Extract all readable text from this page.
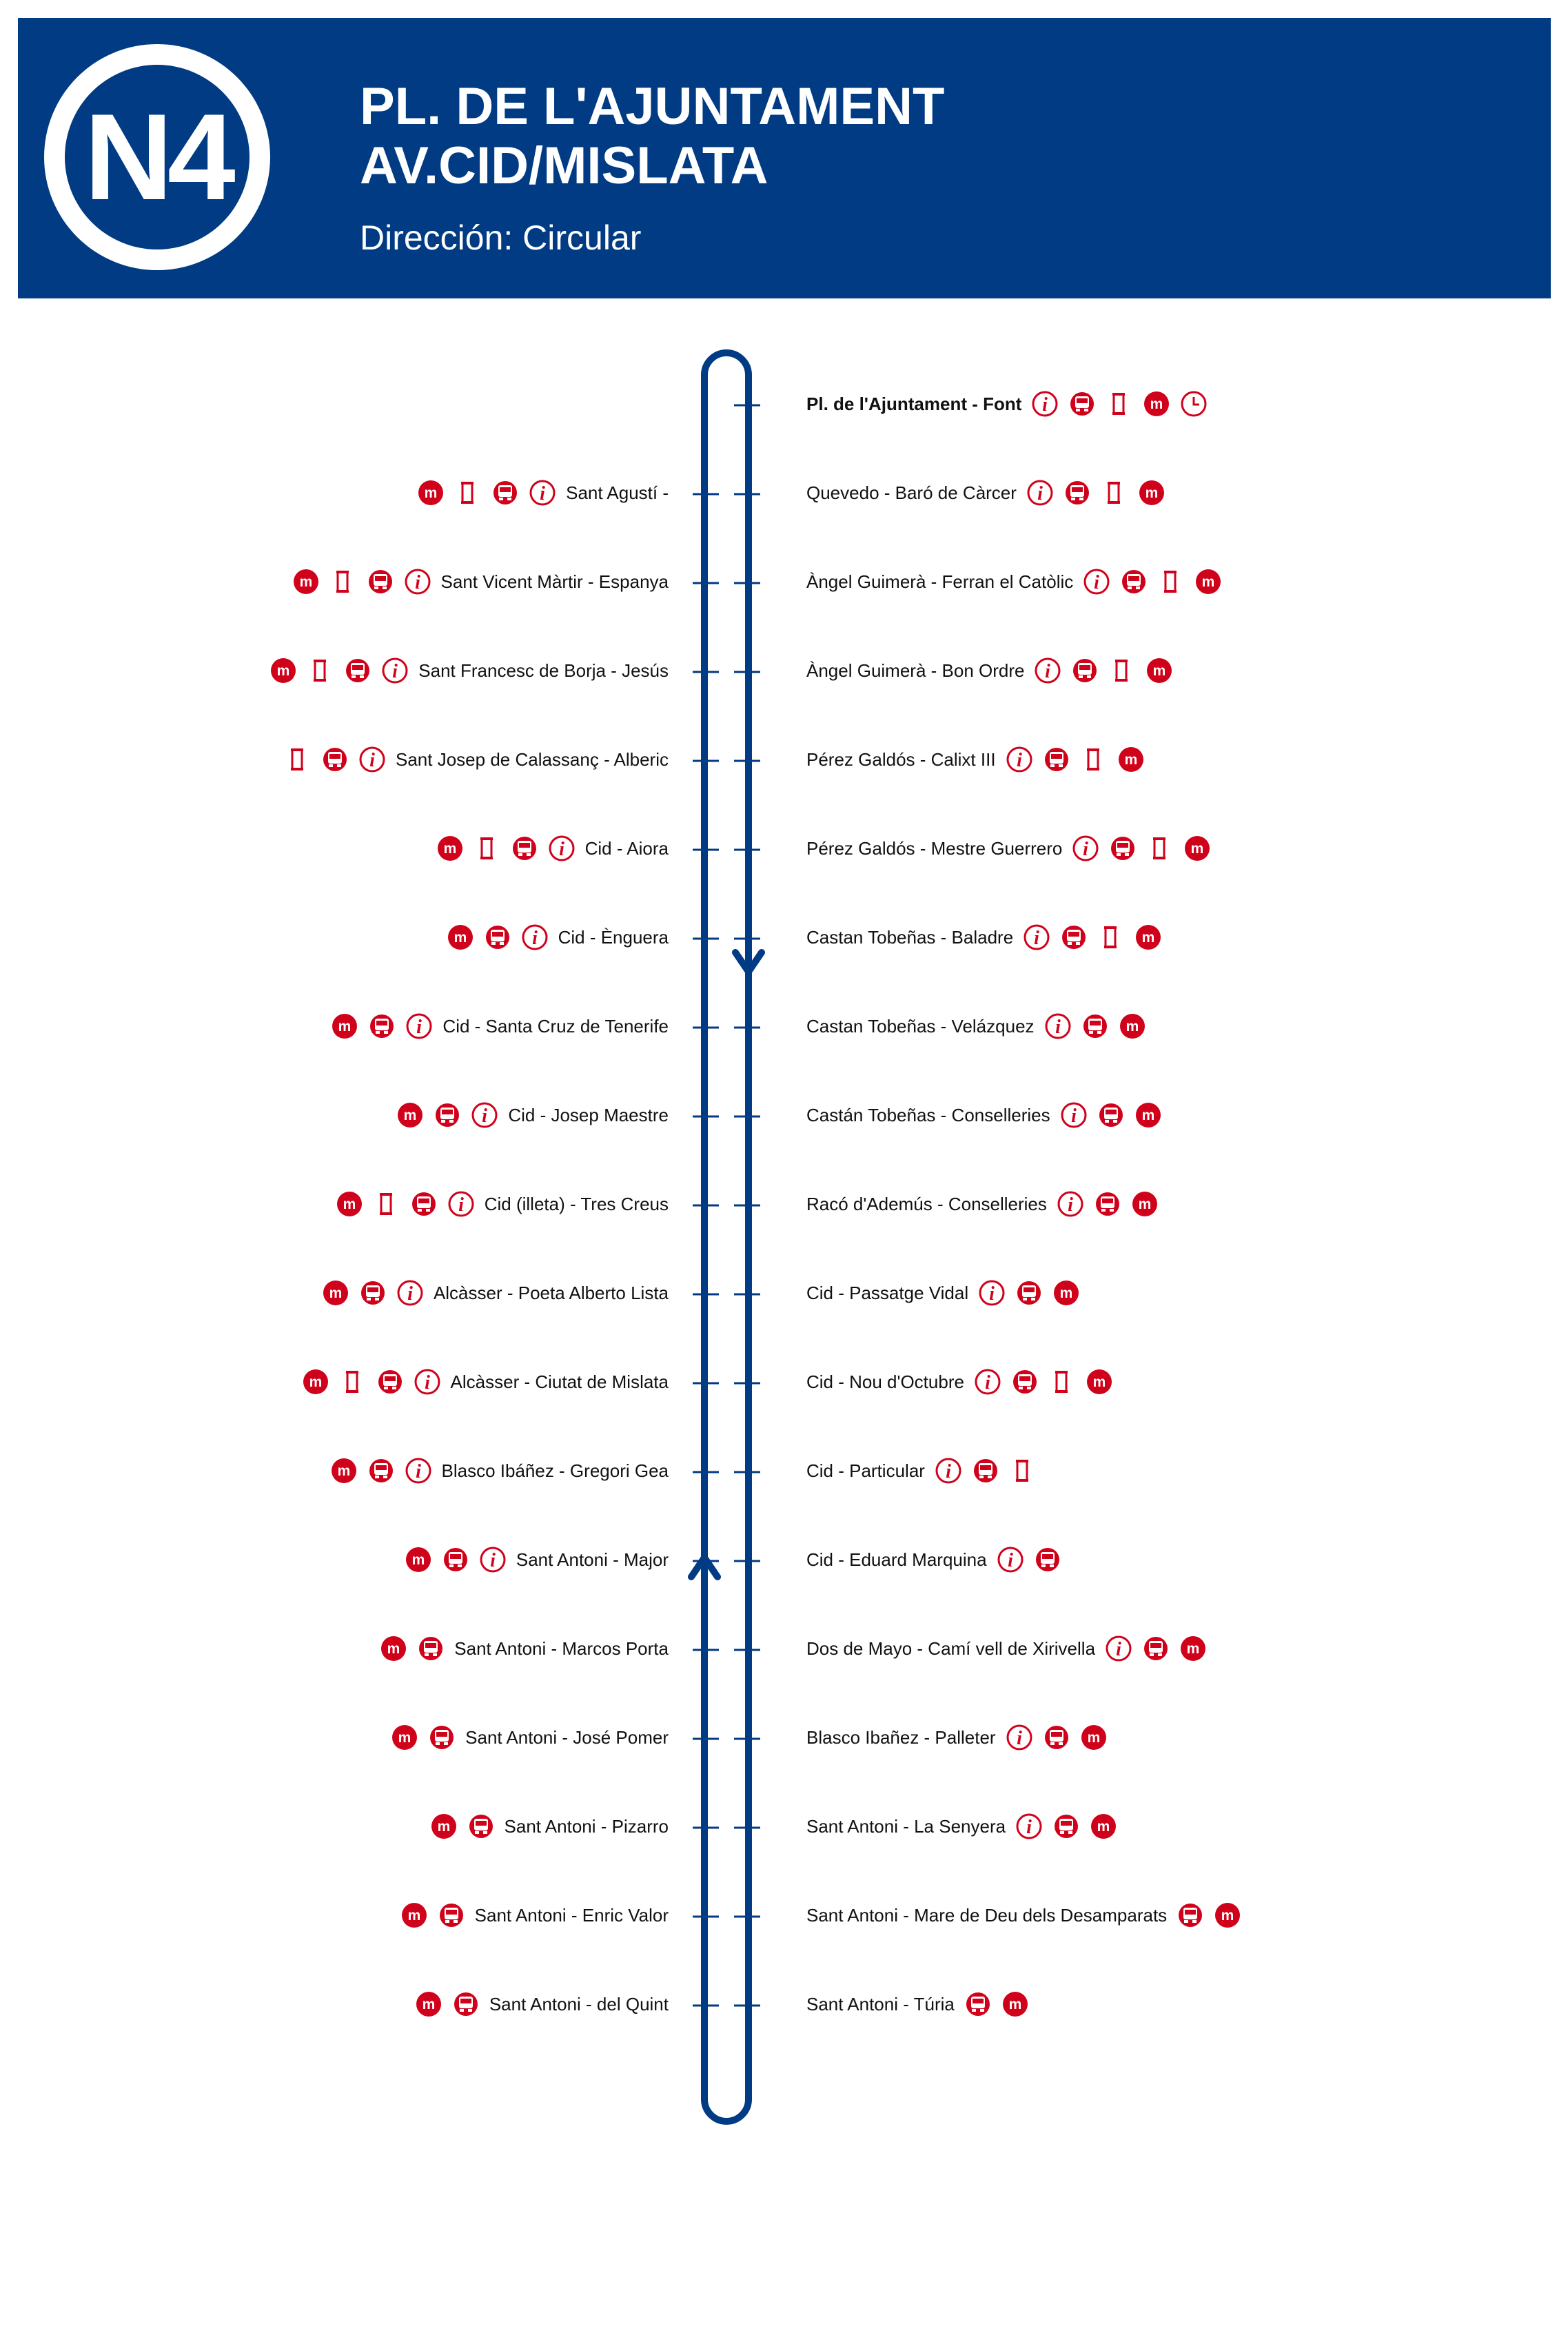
N4	PL. DE L'AJUNTAMENT
AV.CID/MISLATA
Dirección: Circular
m	i Sant Agustí -
m	i Sant Vicent Màrtir - Espanya
m	i Sant Francesc de Borja - Jesús
i Sant Josep de Calassanç - Alberic
m	i Cid - Aiora
m	i Cid - Ènguera
m	i Cid - Santa Cruz de Tenerife
m	i Cid - Josep Maestre
m	i Cid (illeta) - Tres Creus
m	i Alcàsser - Poeta Alberto Lista
m	i Alcàsser - Ciutat de Mislata
m	i Blasco Ibáñez - Gregori Gea
m	i Sant Antoni - Major
m	Sant Antoni - Marcos Porta
m	Sant Antoni - José Pomer
m	Sant Antoni - Pizarro
m	Sant Antoni - Enric Valor
m	Sant Antoni - del Quint
Pl. de l'Ajuntament - Font i	m
Quevedo - Baró de Càrcer i	m
Àngel Guimerà - Ferran el Catòlic i	m
Àngel Guimerà - Bon Ordre i	m
Pérez Galdós - Calixt III i	m
Pérez Galdós - Mestre Guerrero i	m
Castan Tobeñas - Baladre i	m
Castan Tobeñas - Velázquez i	m
Castán Tobeñas - Conselleries i	m
Racó d'Ademús - Conselleries i	m
Cid - Passatge Vidal i	m
Cid - Nou d'Octubre i	m
Cid - Particular i
Cid - Eduard Marquina i
Dos de Mayo - Camí vell de Xirivella i	m
Blasco Ibañez - Palleter i	m
Sant Antoni - La Senyera i	m
Sant Antoni - Mare de Deu dels Desamparats	m
Sant Antoni - Túria	m
